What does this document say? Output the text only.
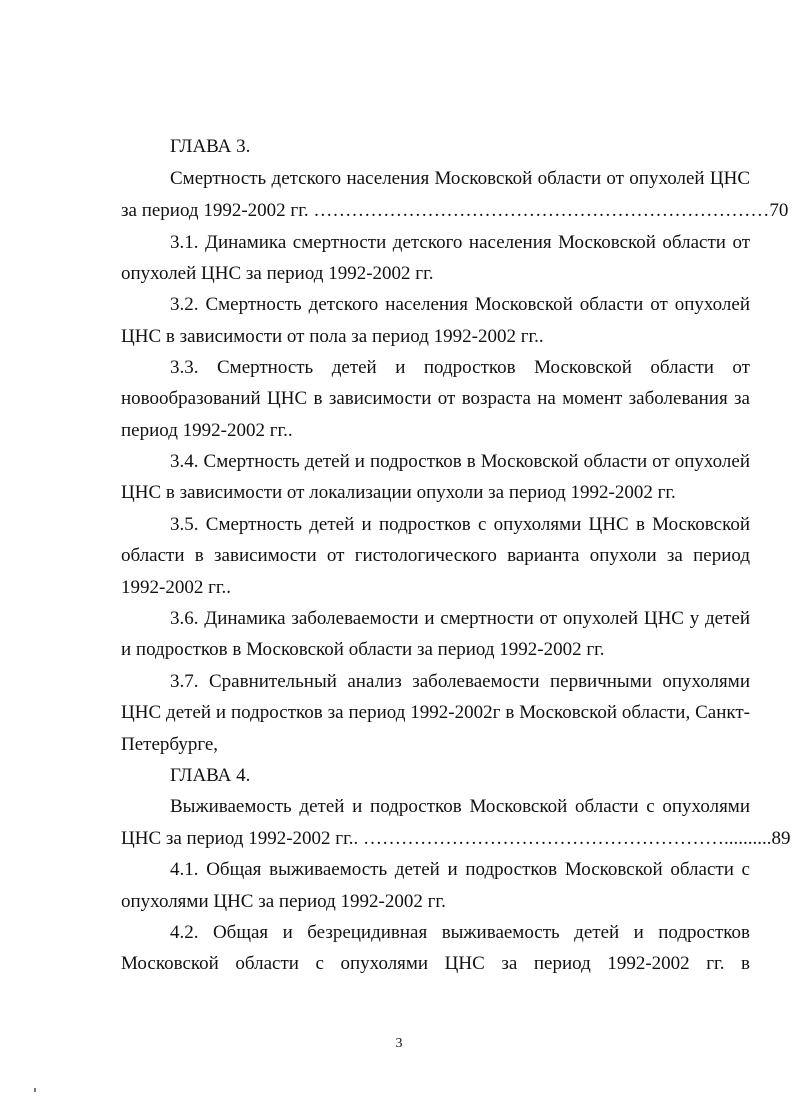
ГЛАВА 3.
Смертность детского населения Московской области от опухолей ЦНС
за период 1992-2002 гг. ………………………………………………………………70
3.1. Динамика смертности детского населения Московской области от
опухолей ЦНС за период 1992-2002 гг.
3.2. Смертность детского населения Московской области от опухолей
ЦНС в зависимости от пола за период 1992-2002 гг..
3.3. Смертность детей и подростков Московской области от
новообразований ЦНС в зависимости от возраста на момент заболевания за
период 1992-2002 гг..
3.4. Смертность детей и подростков в Московской области от опухолей
ЦНС в зависимости от локализации опухоли за период 1992-2002 гг.
3.5. Смертность детей и подростков с опухолями ЦНС в Московской
области в зависимости от гистологического варианта опухоли за период
1992-2002 гг..
3.6. Динамика заболеваемости и смертности от опухолей ЦНС у детей
и подростков в Московской области за период 1992-2002 гг.
3.7. Сравнительный анализ заболеваемости первичными опухолями
ЦНС детей и подростков за период 1992-2002г в Московской области, Санкт-
Петербурге,
ГЛАВА 4.
Выживаемость детей и подростков Московской области с опухолями
ЦНС за период 1992-2002 гг.. …………………………………………………..........89
4.1. Общая выживаемость детей и подростков Московской области с
опухолями ЦНС за период 1992-2002 гг.
4.2. Общая и безрецидивная выживаемость детей и подростков
Московской области с опухолями ЦНС за период 1992-2002 гг. в
3
